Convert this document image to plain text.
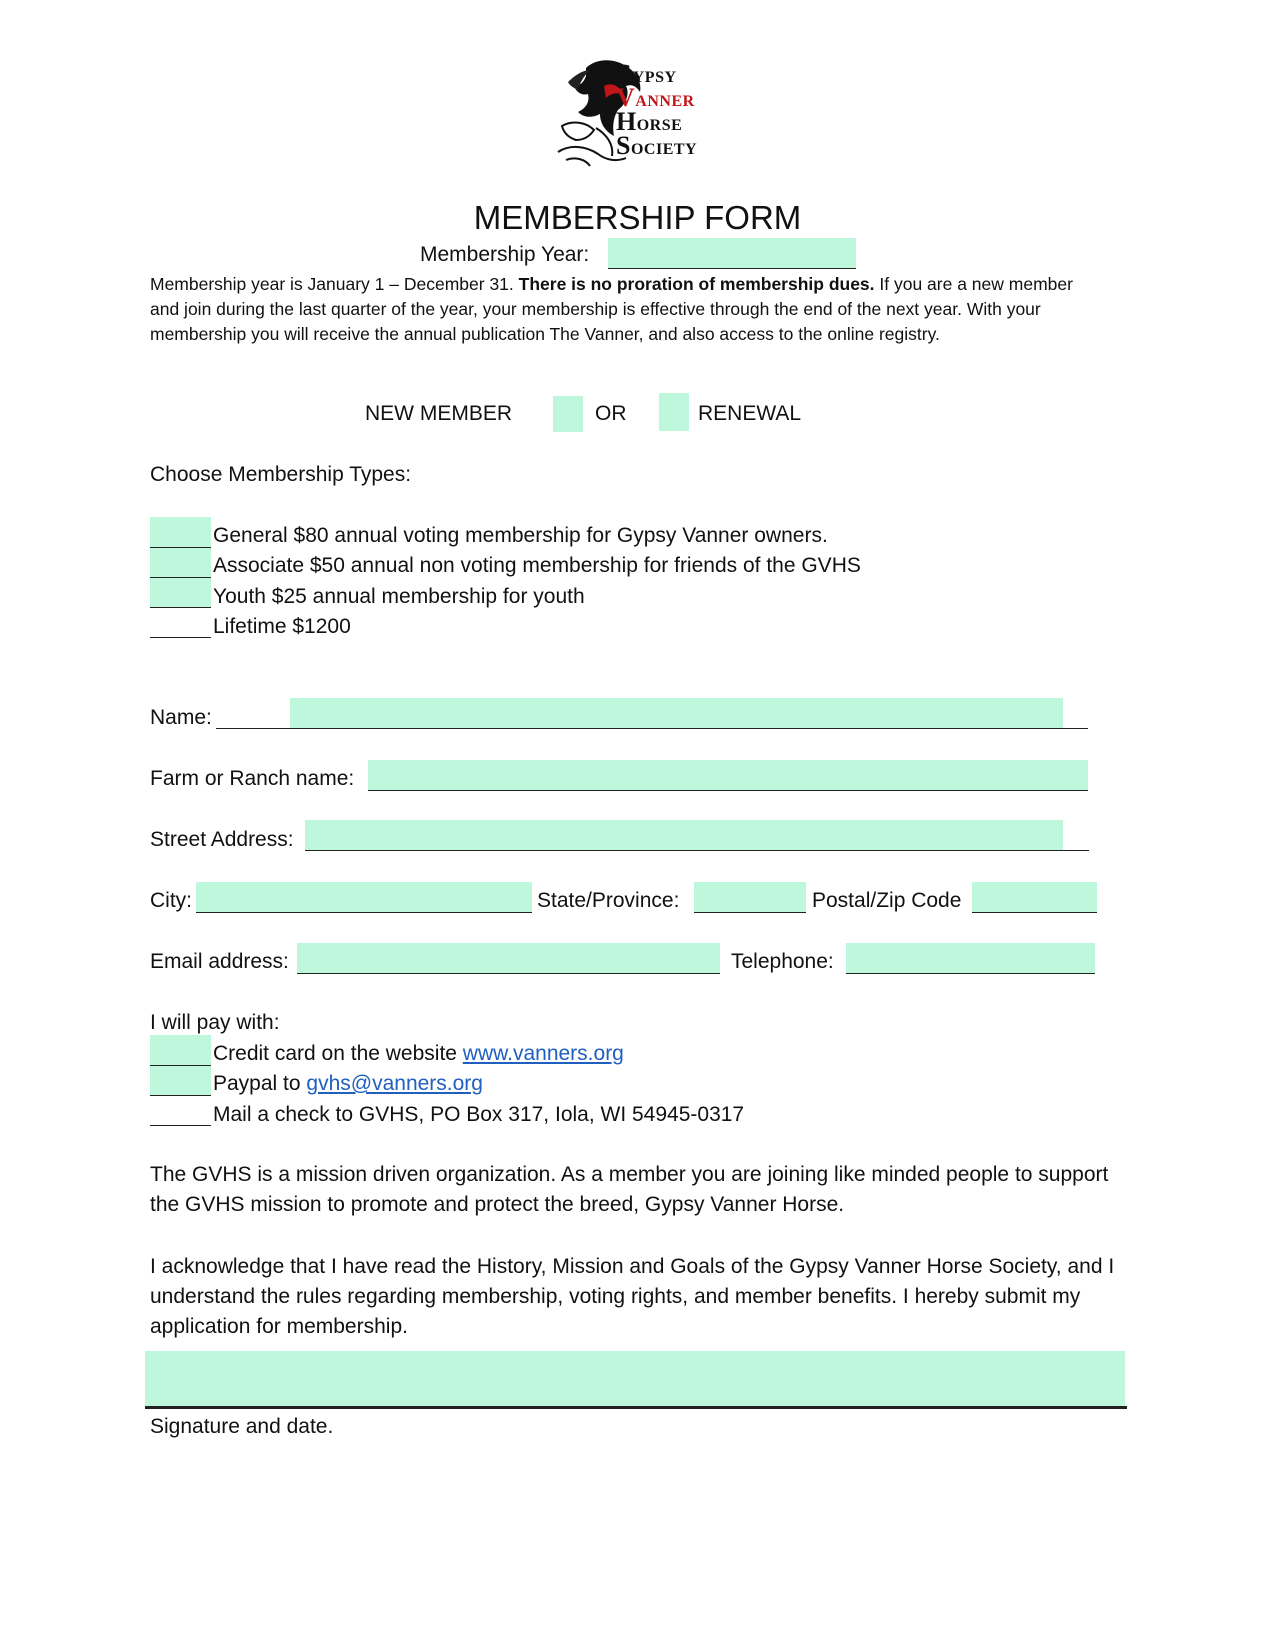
GYPSY
VANNER
HORSE
SOCIETY
MEMBERSHIP FORM
Membership Year:
Membership year is January 1 – December 31. There is no proration of membership dues. If you are a new member and join during the last quarter of the year, your membership is effective through the end of the next year. With your membership you will receive the annual publication The Vanner, and also access to the online registry.
NEW MEMBER	OR	RENEWAL
Choose Membership Types:
General $80 annual voting membership for Gypsy Vanner owners.
Associate $50 annual non voting membership for friends of the GVHS
Youth $25 annual membership for youth
Lifetime $1200
Name:
Farm or Ranch name:
Street Address:
City:	State/Province:	Postal/Zip Code
Email address:	Telephone:
I will pay with:
Credit card on the website www.vanners.org
Paypal to gvhs@vanners.org
Mail a check to GVHS, PO Box 317, Iola, WI 54945-0317
The GVHS is a mission driven organization. As a member you are joining like minded people to support the GVHS mission to promote and protect the breed, Gypsy Vanner Horse.
I acknowledge that I have read the History, Mission and Goals of the Gypsy Vanner Horse Society, and I understand the rules regarding membership, voting rights, and member benefits. I hereby submit my application for membership.
Signature and date.
